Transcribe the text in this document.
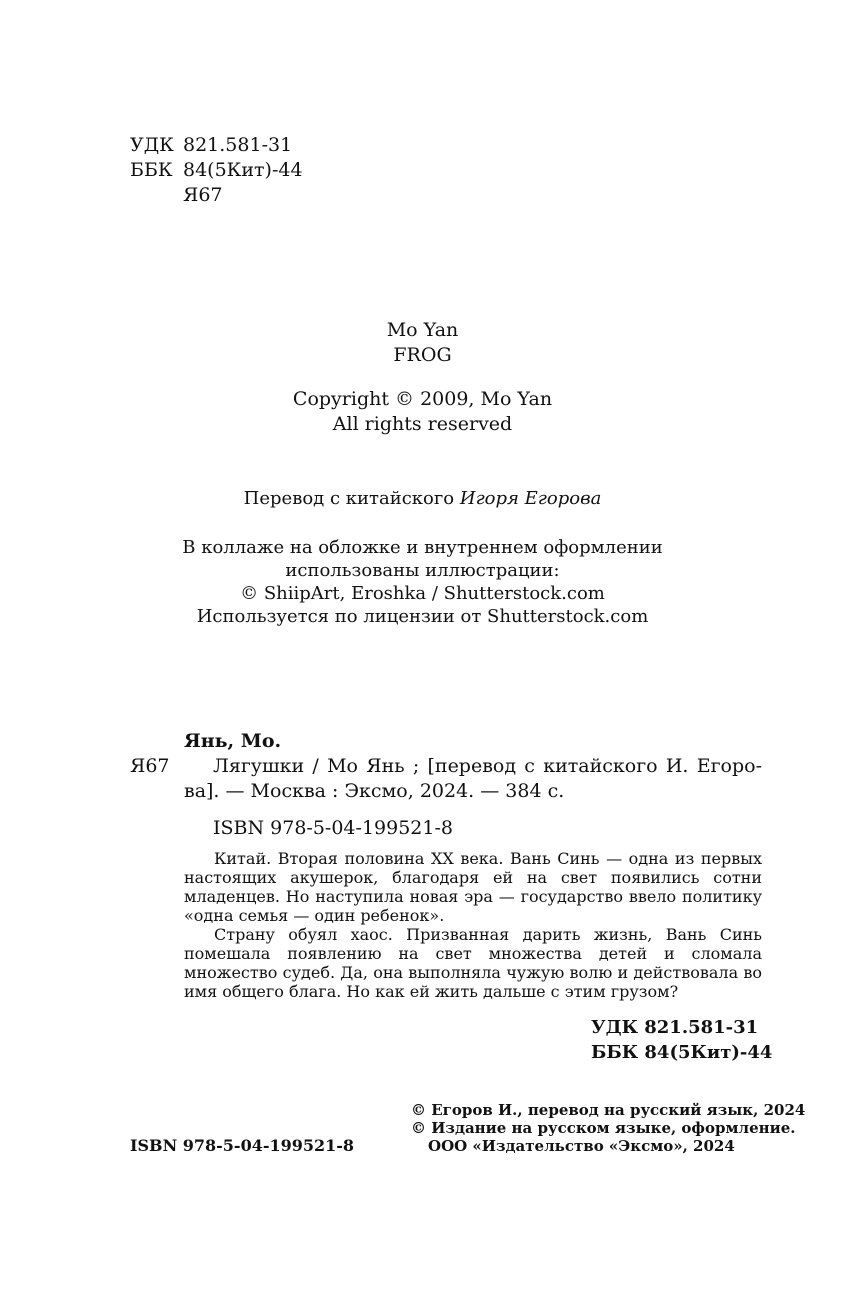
УДК 821.581-31
ББК 84(5Кит)-44
Я67
Mo Yan
FROG
Copyright © 2009, Mo Yan
All rights reserved
Перевод с китайского Игоря Егорова
В коллаже на обложке и внутреннем оформлении
использованы иллюстрации:
© ShiipArt, Eroshka / Shutterstock.com
Используется по лицензии от Shutterstock.com
Янь, Мо.
Я67 Лягушки / Мо Янь ; [перевод с китайского И. Егоро-
ва]. — Москва : Эксмо, 2024. — 384 с.
ISBN 978-5-04-199521-8

Китай. Вторая половина XX века. Вань Синь — одна из первых настоящих акушерок, благодаря ей на свет появились сотни младенцев. Но наступила новая эра — государство ввело политику «одна семья — один ребенок».

Страну обуял хаос. Призванная дарить жизнь, Вань Синь помешала появлению на свет множества детей и сломала множество судеб. Да, она выполняла чужую волю и действовала во имя общего блага. Но как ей жить дальше с этим грузом?

УДК 821.581-31
ББК 84(5Кит)-44
© Егоров И., перевод на русский язык, 2024
© Издание на русском языке, оформление.
ООО «Издательство «Эксмо», 2024
ISBN 978-5-04-199521-8
